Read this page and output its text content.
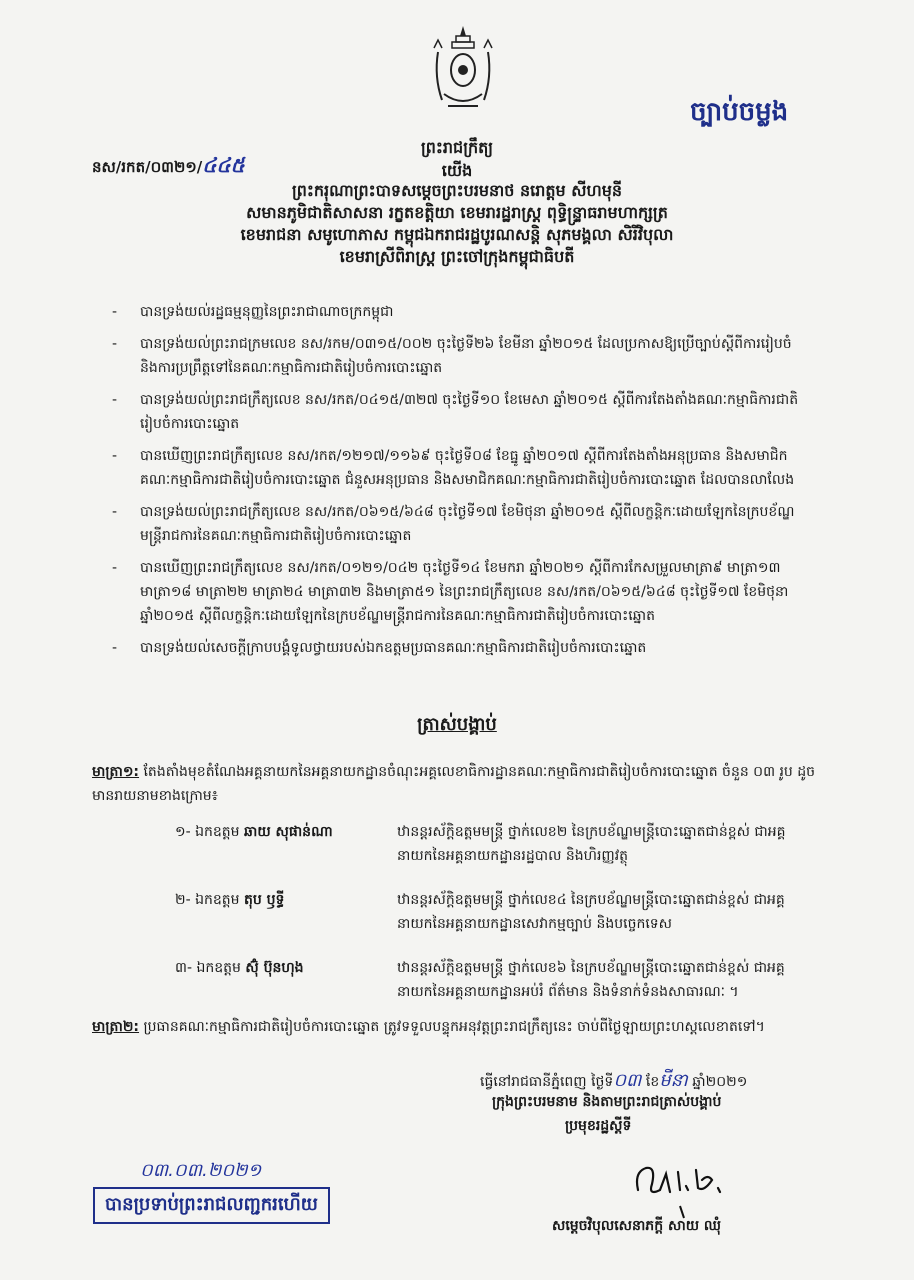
ច្បាប់ចម្លង
ព្រះរាជក្រឹត្យ
នស/រកត/០៣២១/៤៤៥	យើង
ព្រះករុណាព្រះបាទសម្តេចព្រះបរមនាថ នរោត្តម សីហមុនី
សមានភូមិជាតិសាសនា រក្ខតខត្តិយា ខេមរារដ្ឋរាស្ត្រ ពុទ្ធិន្ទ្រាធរាមហាក្សត្រ
ខេមរាជនា សមូហោភាស កម្ពុជឯករាជរដ្ឋបូរណសន្តិ សុភមង្គលា សិរីវិបុលា
ខេមរាស្រីពិរាស្ត្រ ព្រះចៅក្រុងកម្ពុជាធិបតី
-	បានទ្រង់យល់រដ្ឋធម្មនុញ្ញនៃព្រះរាជាណាចក្រកម្ពុជា
-	បានទ្រង់យល់ព្រះរាជក្រមលេខ នស/រកម/០៣១៥/០០២ ចុះថ្ងៃទី២៦ ខែមីនា ឆ្នាំ២០១៥ ដែលប្រកាសឱ្យប្រើច្បាប់ស្តីពីការរៀបចំ និងការប្រព្រឹត្តទៅនៃគណៈកម្មាធិការជាតិរៀបចំការបោះឆ្នោត
-	បានទ្រង់យល់ព្រះរាជក្រឹត្យលេខ នស/រកត/០៤១៥/៣២៧ ចុះថ្ងៃទី១០ ខែមេសា ឆ្នាំ២០១៥ ស្តីពីការតែងតាំងគណៈកម្មាធិការជាតិរៀបចំការបោះឆ្នោត
-	បានឃើញព្រះរាជក្រឹត្យលេខ នស/រកត/១២១៧/១១៦៩ ចុះថ្ងៃទី០៨ ខែធ្នូ ឆ្នាំ២០១៧ ស្តីពីការតែងតាំងអនុប្រធាន និងសមាជិកគណៈកម្មាធិការជាតិរៀបចំការបោះឆ្នោត ជំនួសអនុប្រធាន និងសមាជិកគណៈកម្មាធិការជាតិរៀបចំការបោះឆ្នោត ដែលបានលាលែង
-	បានទ្រង់យល់ព្រះរាជក្រឹត្យលេខ នស/រកត/០៦១៥/៦៤៨ ចុះថ្ងៃទី១៧ ខែមិថុនា ឆ្នាំ២០១៥ ស្តីពីលក្ខន្តិកៈដោយឡែកនៃក្របខ័ណ្ឌមន្ត្រីរាជការនៃគណៈកម្មាធិការជាតិរៀបចំការបោះឆ្នោត
-	បានឃើញព្រះរាជក្រឹត្យលេខ នស/រកត/០១២១/០៤២ ចុះថ្ងៃទី១៤ ខែមករា ឆ្នាំ២០២១ ស្តីពីការកែសម្រួលមាត្រា៩ មាត្រា១៣ មាត្រា១៨ មាត្រា២២ មាត្រា២៤ មាត្រា៣២ និងមាត្រា៥១ នៃព្រះរាជក្រឹត្យលេខ នស/រកត/០៦១៥/៦៤៨ ចុះថ្ងៃទី១៧ ខែមិថុនា ឆ្នាំ២០១៥ ស្តីពីលក្ខន្តិកៈដោយឡែកនៃក្របខ័ណ្ឌមន្ត្រីរាជការនៃគណៈកម្មាធិការជាតិរៀបចំការបោះឆ្នោត
-	បានទ្រង់យល់សេចក្តីក្រាបបង្គំទូលថ្វាយរបស់ឯកឧត្តមប្រធានគណៈកម្មាធិការជាតិរៀបចំការបោះឆ្នោត
ត្រាស់បង្គាប់
មាត្រា១: តែងតាំងមុខតំណែងអគ្គនាយកនៃអគ្គនាយកដ្ឋានចំណុះអគ្គលេខាធិការដ្ឋានគណៈកម្មាធិការជាតិរៀបចំការបោះឆ្នោត ចំនួន ០៣ រូប ដូចមានរាយនាមខាងក្រោម៖
១- ឯកឧត្តម ឆាយ សុផាន់ណា	ឋានន្តរស័ក្តិឧត្តមមន្ត្រី ថ្នាក់លេខ២ នៃក្របខ័ណ្ឌមន្ត្រីបោះឆ្នោតជាន់ខ្ពស់ ជាអគ្គនាយកនៃអគ្គនាយកដ្ឋានរដ្ឋបាល និងហិរញ្ញវត្ថុ
២- ឯកឧត្តម តុប ឫទ្ធី	ឋានន្តរស័ក្តិឧត្តមមន្ត្រី ថ្នាក់លេខ៤ នៃក្របខ័ណ្ឌមន្ត្រីបោះឆ្នោតជាន់ខ្ពស់ ជាអគ្គនាយកនៃអគ្គនាយកដ្ឋានសេវាកម្មច្បាប់ និងបច្ចេកទេស
៣- ឯកឧត្តម ស៊ុំ ប៊ុនហុង	ឋានន្តរស័ក្តិឧត្តមមន្ត្រី ថ្នាក់លេខ៦ នៃក្របខ័ណ្ឌមន្ត្រីបោះឆ្នោតជាន់ខ្ពស់ ជាអគ្គនាយកនៃអគ្គនាយកដ្ឋានអប់រំ ព័ត៌មាន និងទំនាក់ទំនងសាធារណៈ ។
មាត្រា២: ប្រធានគណៈកម្មាធិការជាតិរៀបចំការបោះឆ្នោត ត្រូវទទួលបន្ទុកអនុវត្តព្រះរាជក្រឹត្យនេះ ចាប់ពីថ្ងៃឡាយព្រះហស្តលេខាតទៅ។
ធ្វើនៅរាជធានីភ្នំពេញ ថ្ងៃទី០៣ ខែមីនា ឆ្នាំ២០២១
ក្រុងព្រះបរមនាម និងតាមព្រះរាជត្រាស់បង្គាប់
ប្រមុខរដ្ឋស្តីទី
សម្តេចវិបុលសេនាភក្តី សាយ ឈុំ
០៣.០៣.២០២១
បានប្រទាប់ព្រះរាជលញ្ជករហើយ
